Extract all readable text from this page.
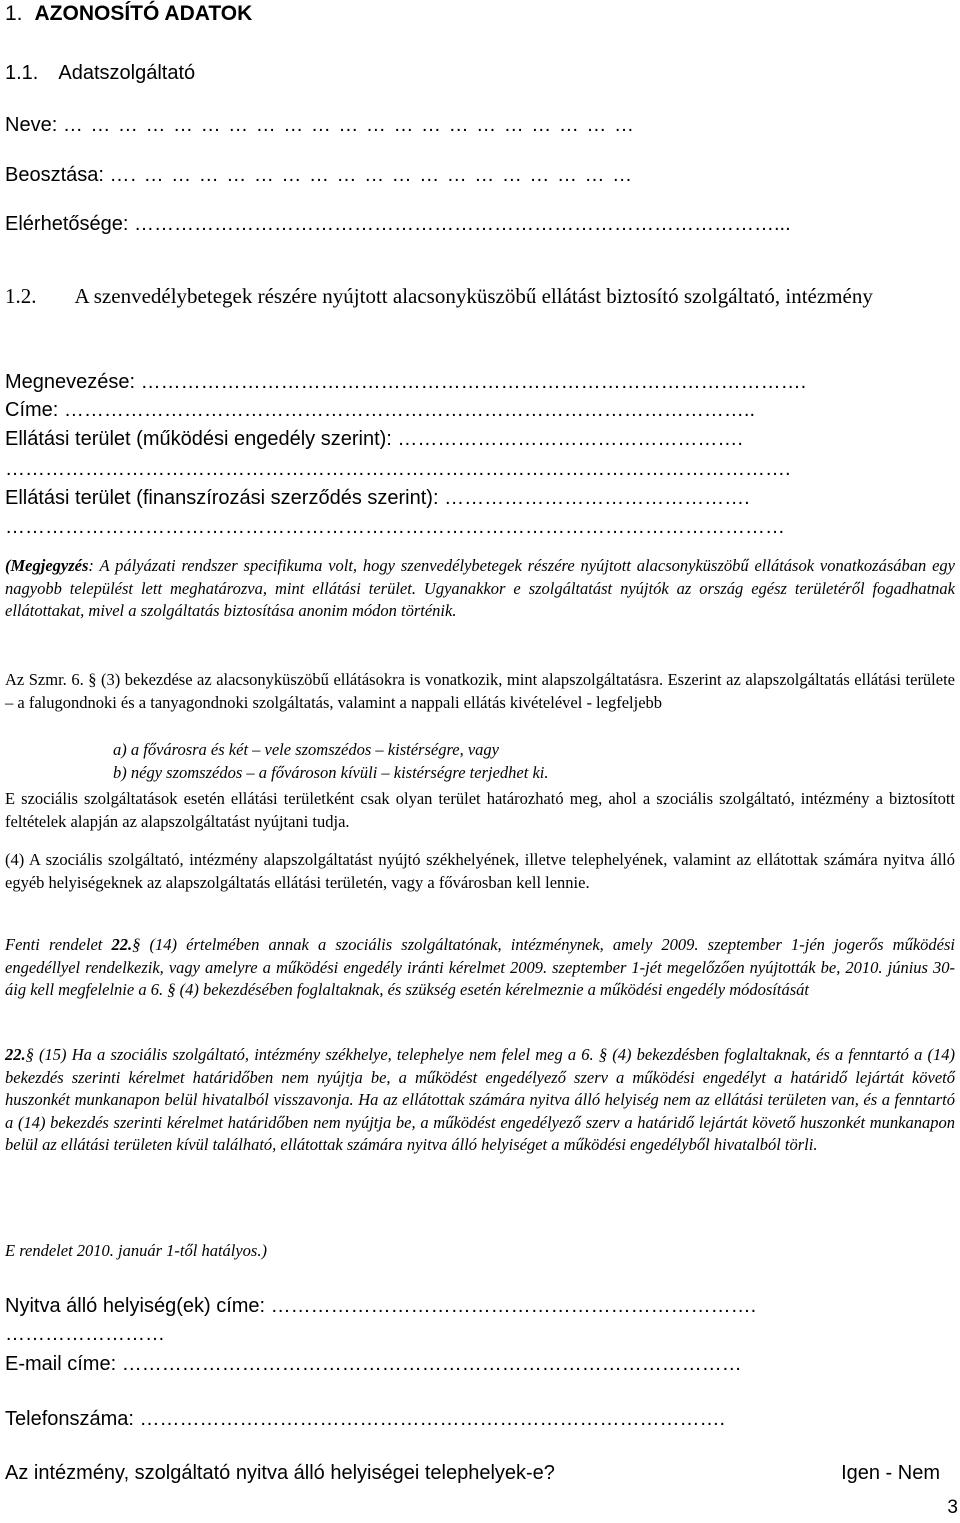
1. AZONOSÍTÓ ADATOK
1.1. Adatszolgáltató
Neve: … … … … … … … … … … … … … … … … … … … … …
Beosztása: …. … … … … … … … … … … … … … … … … … …
Elérhetősége: ……………………………………………………………………………………...
1.2. A szenvedélybetegek részére nyújtott alacsonyküszöbű ellátást biztosító szolgáltató, intézmény
Megnevezése: ……………………………………………………………………………………….
Címe: …………………………………………………………………………………………..
Ellátási terület (működési engedély szerint): …………………………………………….
……………………………………………………………………………………………………….
Ellátási terület (finanszírozási szerződés szerint): ……………………………………….
………………………………………………………………………………………………………
(Megjegyzés: A pályázati rendszer specifikuma volt, hogy szenvedélybetegek részére nyújtott alacsonyküszöbű ellátások vonatkozásában egy nagyobb települést lett meghatározva, mint ellátási terület. Ugyanakkor e szolgáltatást nyújtók az ország egész területéről fogadhatnak ellátottakat, mivel a szolgáltatás biztosítása anonim módon történik.
Az Szmr. 6. § (3) bekezdése az alacsonyküszöbű ellátásokra is vonatkozik, mint alapszolgáltatásra. Eszerint az alapszolgáltatás ellátási területe – a falugondnoki és a tanyagondnoki szolgáltatás, valamint a nappali ellátás kivételével - legfeljebb
a) a fővárosra és két – vele szomszédos – kistérségre, vagy
b) négy szomszédos – a fővároson kívüli – kistérségre terjedhet ki.
E szociális szolgáltatások esetén ellátási területként csak olyan terület határozható meg, ahol a szociális szolgáltató, intézmény a biztosított feltételek alapján az alapszolgáltatást nyújtani tudja.
(4) A szociális szolgáltató, intézmény alapszolgáltatást nyújtó székhelyének, illetve telephelyének, valamint az ellátottak számára nyitva álló egyéb helyiségeknek az alapszolgáltatás ellátási területén, vagy a fővárosban kell lennie.
Fenti rendelet 22.§ (14) értelmében annak a szociális szolgáltatónak, intézménynek, amely 2009. szeptember 1-jén jogerős működési engedéllyel rendelkezik, vagy amelyre a működési engedély iránti kérelmet 2009. szeptember 1-jét megelőzően nyújtották be, 2010. június 30-áig kell megfelelnie a 6. § (4) bekezdésében foglaltaknak, és szükség esetén kérelmeznie a működési engedély módosítását
22.§ (15) Ha a szociális szolgáltató, intézmény székhelye, telephelye nem felel meg a 6. § (4) bekezdésben foglaltaknak, és a fenntartó a (14) bekezdés szerinti kérelmet határidőben nem nyújtja be, a működést engedélyező szerv a működési engedélyt a határidő lejártát követő huszonkét munkanapon belül hivatalból visszavonja. Ha az ellátottak számára nyitva álló helyiség nem az ellátási területen van, és a fenntartó a (14) bekezdés szerinti kérelmet határidőben nem nyújtja be, a működést engedélyező szerv a határidő lejártát követő huszonkét munkanapon belül az ellátási területen kívül található, ellátottak számára nyitva álló helyiséget a működési engedélyből hivatalból törli.
E rendelet 2010. január 1-től hatályos.)
Nyitva álló helyiség(ek) címe: ……………………………………………………………….
……………………
E-mail címe: …………………………………………………………………………………
Telefonszáma: …………………………………………………………………………….
Az intézmény, szolgáltató nyitva álló helyiségei telephelyek-e?	Igen - Nem
3
